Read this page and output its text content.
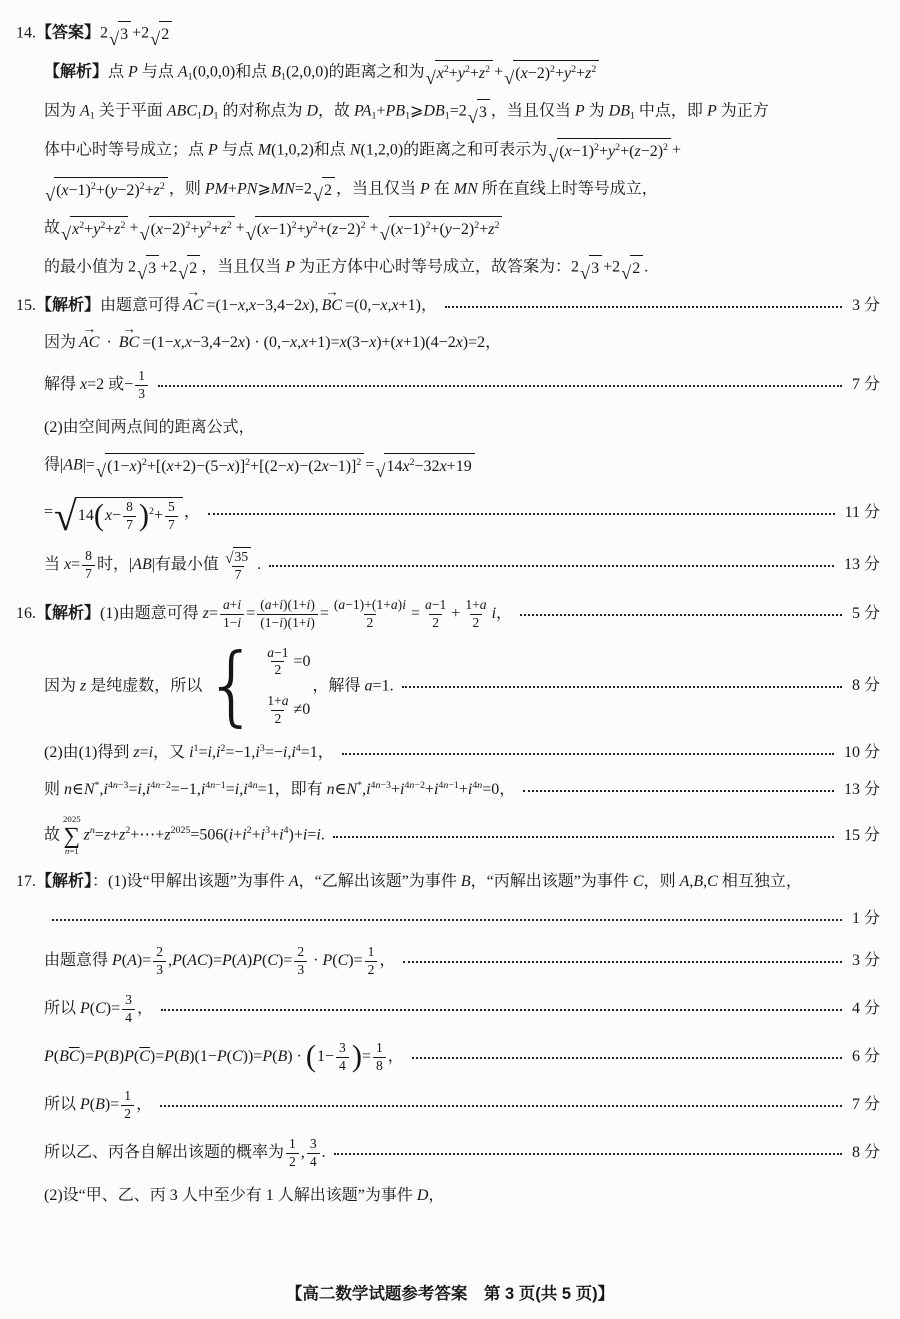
14.【答案】2 √ 3 +2 √ 2
【解析】点 P 与点 $A_1(0,0,0)$和点 $B_1(2,0,0)$的距离之和为 √ $x^2+y^2+z^2$ + √ $(x-2)^2+y^2+z^2$
因为 $A_1$ 关于平面 $ABC_1D_1$ 的对称点为 D，故 $PA_1+PB_1⩾DB_1=2$ √ 3 ，当且仅当 P 为 $DB_1$ 中点，即 P 为正方
体中心时等号成立；点 P 与点 M(1,0,2)和点 N(1,2,0)的距离之和可表示为 √ $(x-1)^2+y^2+(z-2)^2$ +
√ $(x-1)^2+(y-2)^2+z^2$ ，则 PM+PN⩾MN=2 √ 2 ，当且仅当 P 在 MN 所在直线上时等号成立，
故 √ $x^2+y^2+z^2$ + √ $(x-2)^2+y^2+z^2$ + √ $(x-1)^2+y^2+(z-2)^2$ + √ $(x-1)^2+(y-2)^2+z^2$
的最小值为 2 √ 3 +2 √ 2 ，当且仅当 P 为正方体中心时等号成立，故答案为：2 √ 3 +2 √ 2 .
15.【解析】由题意可得 AC → =(1−x,x−3,4−2x), BC → =(0,−x,x+1)，	3 分
因为 AC → · BC → =(1−x,x−3,4−2x) · (0,−x,x+1)=x(3−x)+(x+1)(4−2x)=2，
解得 x=2 或− $\frac{1}{3}$	7 分
(2)由空间两点间的距离公式，
得|AB|= √ $(1-x)^2+[(x+2)-(5-x)]^2+[(2-x)-(2x-1)]^2$ = √ $14x^2-32x+19$
= √ 14 ( $x- \frac{8}{7}$ ) $^2+ \frac{5}{7}$ ，	11 分
当 $x= \frac{8}{7}$ 时，|AB|有最小值 $\frac{√ 35}{7}$ .	13 分
16.【解析】(1)由题意可得 $z= \frac{a+i}{1-i} = \frac{(a+i)(1+i)}{(1-i)(1+i)} = \frac{(a-1)+(1+a)i}{2} = \frac{a-1}{2} + \frac{1+a}{2}$ i，	5 分
因为 z 是纯虚数，所以 { $\frac{a-1}{2} =0$
$\frac{1+a}{2} \ne 0$
，解得 a=1.	8 分
(2)由(1)得到 z=i，又 $i^1=i,i^2=-1,i^3=-i,i^4=1$，	10 分
则 $n\in N^*,i^{4n-3}=i,i^{4n-2}=-1,i^{4n-1}=i,i^{4n}=1$，即有 $n\in N^*,i^{4n-3}+i^{4n-2}+i^{4n-1}+i^{4n}=0$，	13 分
故
2025
∑
n=1
$z^n=z+z^2+\cdots+z^{2025}=506(i+i^2+i^3+i^4)+i=i$.	15 分
17.【解析】：(1)设“甲解出该题”为事件 A，“乙解出该题”为事件 B，“丙解出该题”为事件 C，则 A,B,C 相互独立，
1 分
由题意得 $P(A)= \frac{2}{3} ,P(AC)=P(A)P(C)= \frac{2}{3} \cdot P(C)= \frac{1}{2}$ ，	3 分
所以 $P(C)= \frac{3}{4}$ ，	4 分
$P(B\overline{C})=P(B)P(\overline{C})=P(B)(1-P(C))=P(B)$ · ( $1- \frac{3}{4}$ ) = $\frac{1}{8}$ ，	6 分
所以 $P(B)= \frac{1}{2}$ ，	7 分
所以乙、丙各自解出该题的概率为 $\frac{1}{2}$ , $\frac{3}{4}$ .	8 分
(2)设“甲、乙、丙 3 人中至少有 1 人解出该题”为事件 D，
【高二数学试题参考答案　第 3 页(共 5 页)】
